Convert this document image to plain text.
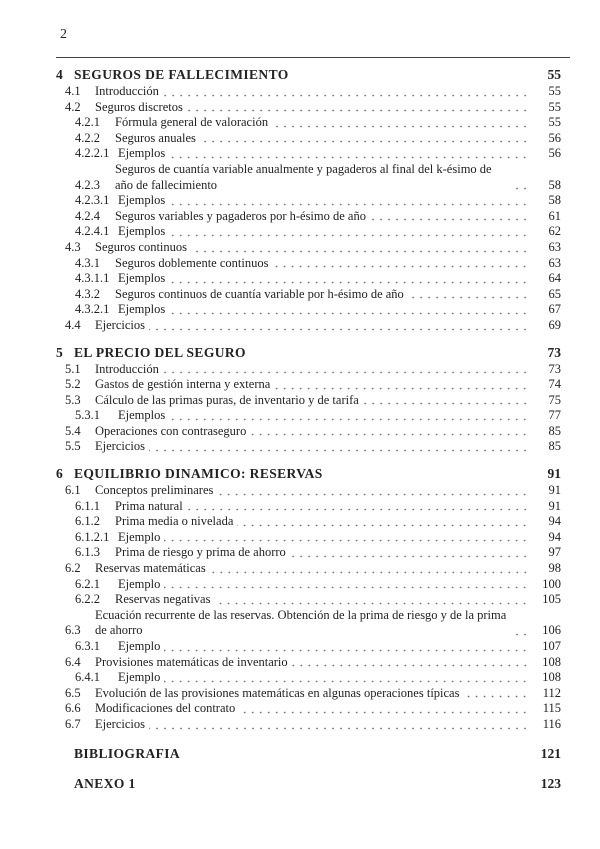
2
4 SEGUROS DE FALLECIMIENTO	55
4.1	Introducción	55
4.2	Seguros discretos	55
4.2.1	Fórmula general de valoración	55
4.2.2	Seguros anuales	56
4.2.2.1 Ejemplos	56
4.2.3
Seguros de cuantía variable anualmente y pagaderos al final del k-ésimo de año de fallecimiento	58
4.2.3.1 Ejemplos	58
4.2.4	Seguros variables y pagaderos por h-ésimo de año	61
4.2.4.1 Ejemplos	62
4.3	Seguros continuos	63
4.3.1	Seguros doblemente continuos	63
4.3.1.1 Ejemplos	64
4.3.2	Seguros continuos de cuantía variable por h-ésimo de año	65
4.3.2.1 Ejemplos	67
4.4	Ejercicios	69
5 EL PRECIO DEL SEGURO	73
5.1	Introducción	73
5.2	Gastos de gestión interna y externa	74
5.3	Cálculo de las primas puras, de inventario y de tarifa	75
5.3.1	Ejemplos	77
5.4	Operaciones con contraseguro	85
5.5	Ejercicios	85
6 EQUILIBRIO DINAMICO: RESERVAS	91
6.1	Conceptos preliminares	91
6.1.1	Prima natural	91
6.1.2	Prima media o nivelada	94
6.1.2.1 Ejemplo	94
6.1.3	Prima de riesgo y prima de ahorro	97
6.2	Reservas matemáticas	98
6.2.1	Ejemplo	100
6.2.2	Reservas negativas	105
6.3
Ecuación recurrente de las reservas. Obtención de la prima de riesgo y de la prima de ahorro	106
6.3.1	Ejemplo	107
6.4	Provisiones matemáticas de inventario	108
6.4.1	Ejemplo	108
6.5	Evolución de las provisiones matemáticas en algunas operaciones típicas	112
6.6	Modificaciones del contrato	115
6.7	Ejercicios	116
BIBLIOGRAFIA	121
ANEXO 1	123
